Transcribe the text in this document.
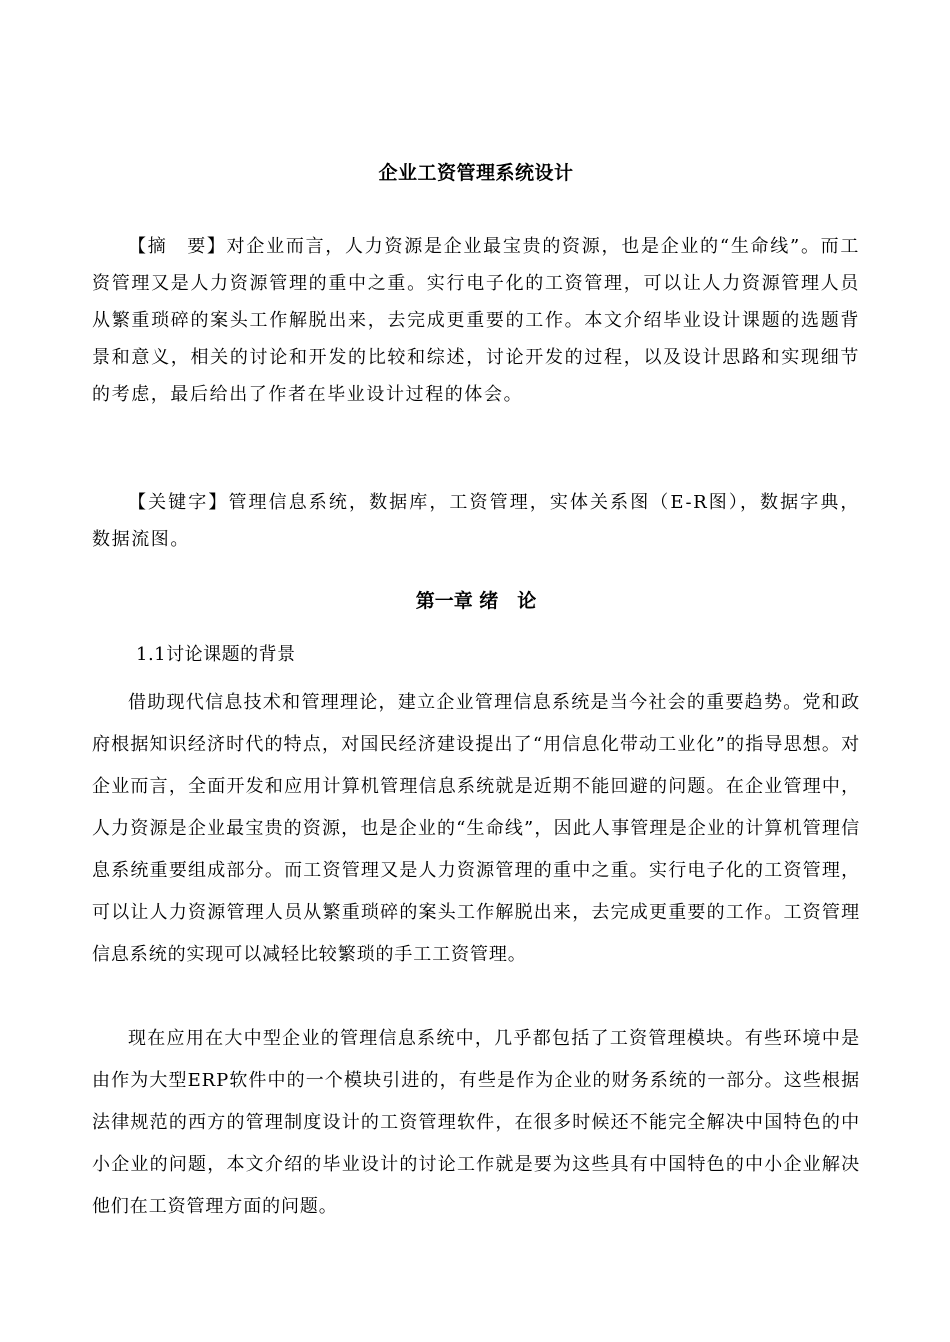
企业工资管理系统设计

【摘　要】对企业而言，人力资源是企业最宝贵的资源，也是企业的“生命线”。而工资管理又是人力资源管理的重中之重。实行电子化的工资管理，可以让人力资源管理人员从繁重琐碎的案头工作解脱出来，去完成更重要的工作。本文介绍毕业设计课题的选题背景和意义，相关的讨论和开发的比较和综述，讨论开发的过程，以及设计思路和实现细节的考虑，最后给出了作者在毕业设计过程的体会。

【关键字】管理信息系统，数据库，工资管理，实体关系图（E-R图），数据字典，数据流图。

第一章 绪　论
1.1讨论课题的背景

借助现代信息技术和管理理论，建立企业管理信息系统是当今社会的重要趋势。党和政府根据知识经济时代的特点，对国民经济建设提出了“用信息化带动工业化”的指导思想。对企业而言，全面开发和应用计算机管理信息系统就是近期不能回避的问题。在企业管理中，人力资源是企业最宝贵的资源，也是企业的“生命线”，因此人事管理是企业的计算机管理信息系统重要组成部分。而工资管理又是人力资源管理的重中之重。实行电子化的工资管理，可以让人力资源管理人员从繁重琐碎的案头工作解脱出来，去完成更重要的工作。工资管理信息系统的实现可以减轻比较繁琐的手工工资管理。

现在应用在大中型企业的管理信息系统中，几乎都包括了工资管理模块。有些环境中是由作为大型ERP软件中的一个模块引进的，有些是作为企业的财务系统的一部分。这些根据法律规范的西方的管理制度设计的工资管理软件，在很多时候还不能完全解决中国特色的中小企业的问题，本文介绍的毕业设计的讨论工作就是要为这些具有中国特色的中小企业解决他们在工资管理方面的问题。
